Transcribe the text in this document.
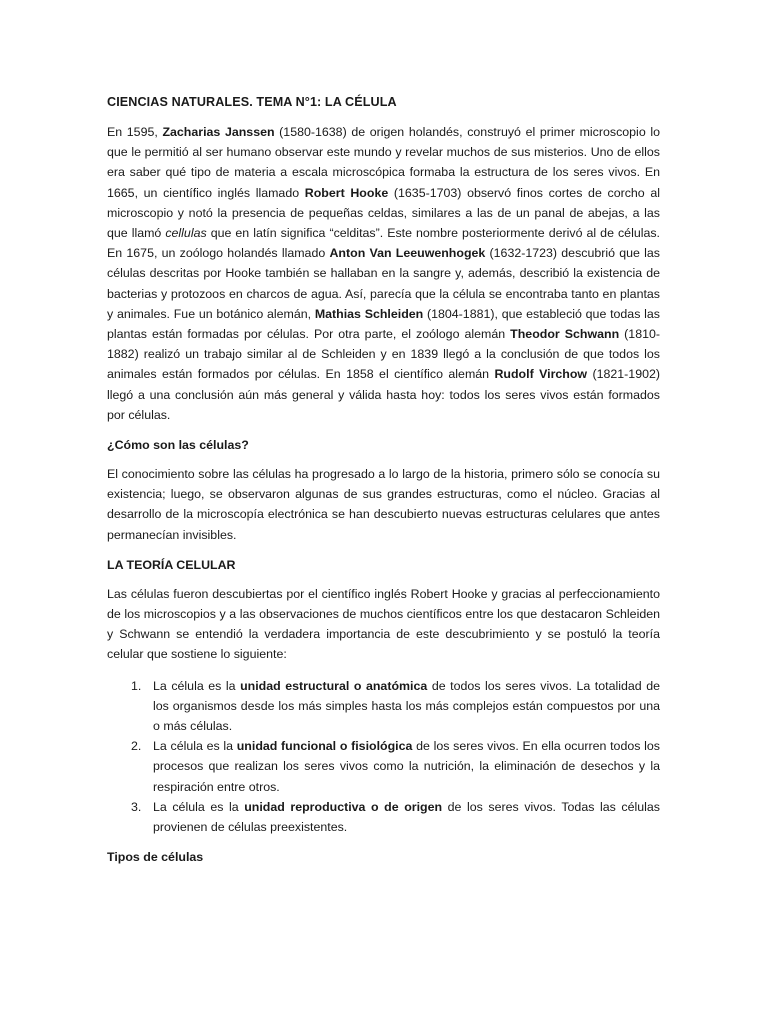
CIENCIAS NATURALES. TEMA N°1: LA CÉLULA

En 1595, Zacharias Janssen (1580-1638) de origen holandés, construyó el primer microscopio lo que le permitió al ser humano observar este mundo y revelar muchos de sus misterios. Uno de ellos era saber qué tipo de materia a escala microscópica formaba la estructura de los seres vivos. En 1665, un científico inglés llamado Robert Hooke (1635-1703) observó finos cortes de corcho al microscopio y notó la presencia de pequeñas celdas, similares a las de un panal de abejas, a las que llamó cellulas que en latín significa “celditas”. Este nombre posteriormente derivó al de células. En 1675, un zoólogo holandés llamado Anton Van Leeuwenhogek (1632-1723) descubrió que las células descritas por Hooke también se hallaban en la sangre y, además, describió la existencia de bacterias y protozoos en charcos de agua. Así, parecía que la célula se encontraba tanto en plantas y animales. Fue un botánico alemán, Mathias Schleiden (1804-1881), que estableció que todas las plantas están formadas por células. Por otra parte, el zoólogo alemán Theodor Schwann (1810-1882) realizó un trabajo similar al de Schleiden y en 1839 llegó a la conclusión de que todos los animales están formados por células. En 1858 el científico alemán Rudolf Virchow (1821-1902) llegó a una conclusión aún más general y válida hasta hoy: todos los seres vivos están formados por células.

¿Cómo son las células?

El conocimiento sobre las células ha progresado a lo largo de la historia, primero sólo se conocía su existencia; luego, se observaron algunas de sus grandes estructuras, como el núcleo. Gracias al desarrollo de la microscopía electrónica se han descubierto nuevas estructuras celulares que antes permanecían invisibles.

LA TEORÍA CELULAR

Las células fueron descubiertas por el científico inglés Robert Hooke y gracias al perfeccionamiento de los microscopios y a las observaciones de muchos científicos entre los que destacaron Schleiden y Schwann se entendió la verdadera importancia de este descubrimiento y se postuló la teoría celular que sostiene lo siguiente:

1. La célula es la unidad estructural o anatómica de todos los seres vivos. La totalidad de los organismos desde los más simples hasta los más complejos están compuestos por una o más células.
2. La célula es la unidad funcional o fisiológica de los seres vivos. En ella ocurren todos los procesos que realizan los seres vivos como la nutrición, la eliminación de desechos y la respiración entre otros.
3. La célula es la unidad reproductiva o de origen de los seres vivos. Todas las células provienen de células preexistentes.
Tipos de células
